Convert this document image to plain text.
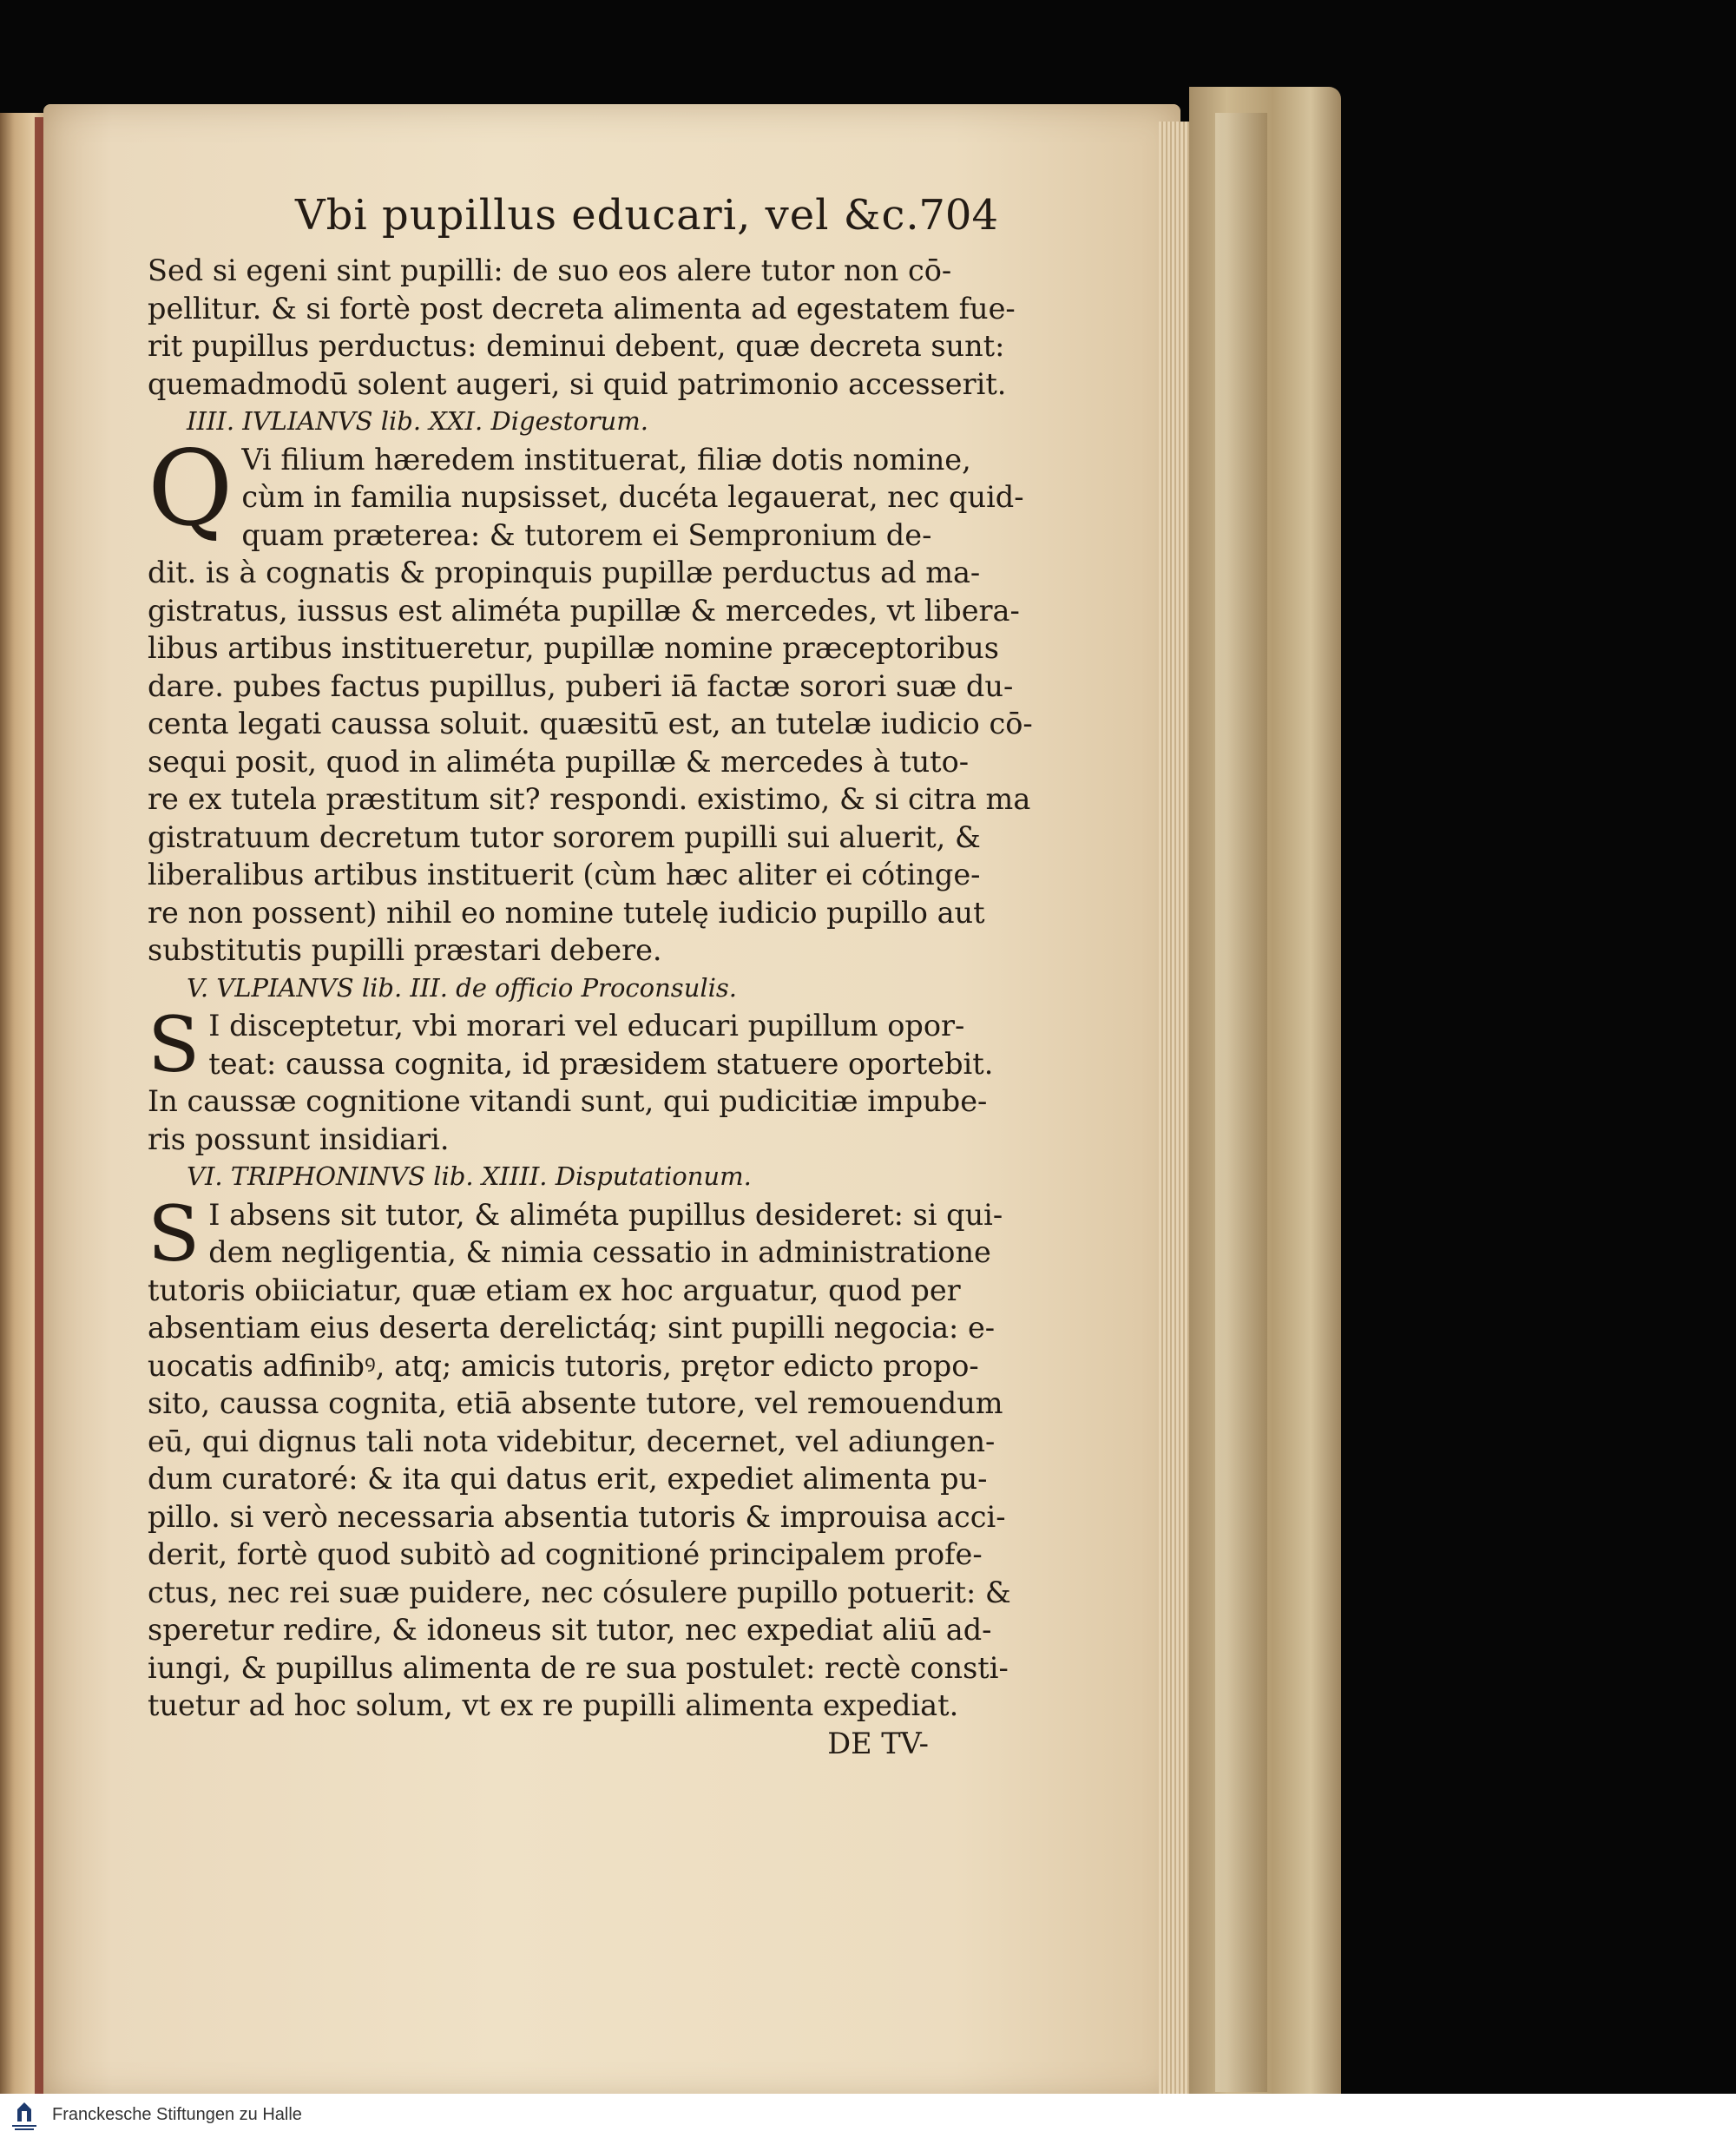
Vbi pupillus educari, vel &c.
704
Sed si egeni sint pupilli: de suo eos alere tutor non cō-
pellitur. & si fortè post decreta alimenta ad egestatem fue-
rit pupillus perductus: deminui debent, quæ decreta sunt:
quemadmodū solent augeri, si quid patrimonio accesserit.
IIII. IVLIANVS lib. XXI. Digestorum.
Q Vi filium hæredem instituerat, filiæ dotis nomine,
cùm in familia nupsisset, ducéta legauerat, nec quid-
quam præterea: & tutorem ei Sempronium de-
dit. is à cognatis & propinquis pupillæ perductus ad ma-
gistratus, iussus est aliméta pupillæ & mercedes, vt libera-
libus artibus institueretur, pupillæ nomine præceptoribus
dare. pubes factus pupillus, puberi iā factæ sorori suæ du-
centa legati caussa soluit. quæsitū est, an tutelæ iudicio cō-
sequi posit, quod in aliméta pupillæ & mercedes à tuto-
re ex tutela præstitum sit? respondi. existimo, & si citra ma
gistratuum decretum tutor sororem pupilli sui aluerit, &
liberalibus artibus instituerit (cùm hæc aliter ei cótinge-
re non possent) nihil eo nomine tutelę iudicio pupillo aut
substitutis pupilli præstari debere.
V. VLPIANVS lib. III. de officio Proconsulis.
S I disceptetur, vbi morari vel educari pupillum opor-
teat: caussa cognita, id præsidem statuere oportebit.
In caussæ cognitione vitandi sunt, qui pudicitiæ impube-
ris possunt insidiari.
VI. TRIPHONINVS lib. XIIII. Disputationum.
S I absens sit tutor, & aliméta pupillus desideret: si qui-
dem negligentia, & nimia cessatio in administratione
tutoris obiiciatur, quæ etiam ex hoc arguatur, quod per
absentiam eius deserta derelictáq; sint pupilli negocia: e-
uocatis adfinibꝰ, atq; amicis tutoris, prętor edicto propo-
sito, caussa cognita, etiā absente tutore, vel remouendum
eū, qui dignus tali nota videbitur, decernet, vel adiungen-
dum curatoré: & ita qui datus erit, expediet alimenta pu-
pillo. si verò necessaria absentia tutoris & improuisa acci-
derit, fortè quod subitò ad cognitioné principalem profe-
ctus, nec rei suæ puidere, nec cósulere pupillo potuerit: &
speretur redire, & idoneus sit tutor, nec expediat aliū ad-
iungi, & pupillus alimenta de re sua postulet: rectè consti-
tuetur ad hoc solum, vt ex re pupilli alimenta expediat.
DE TV-
Franckesche Stiftungen zu Halle
